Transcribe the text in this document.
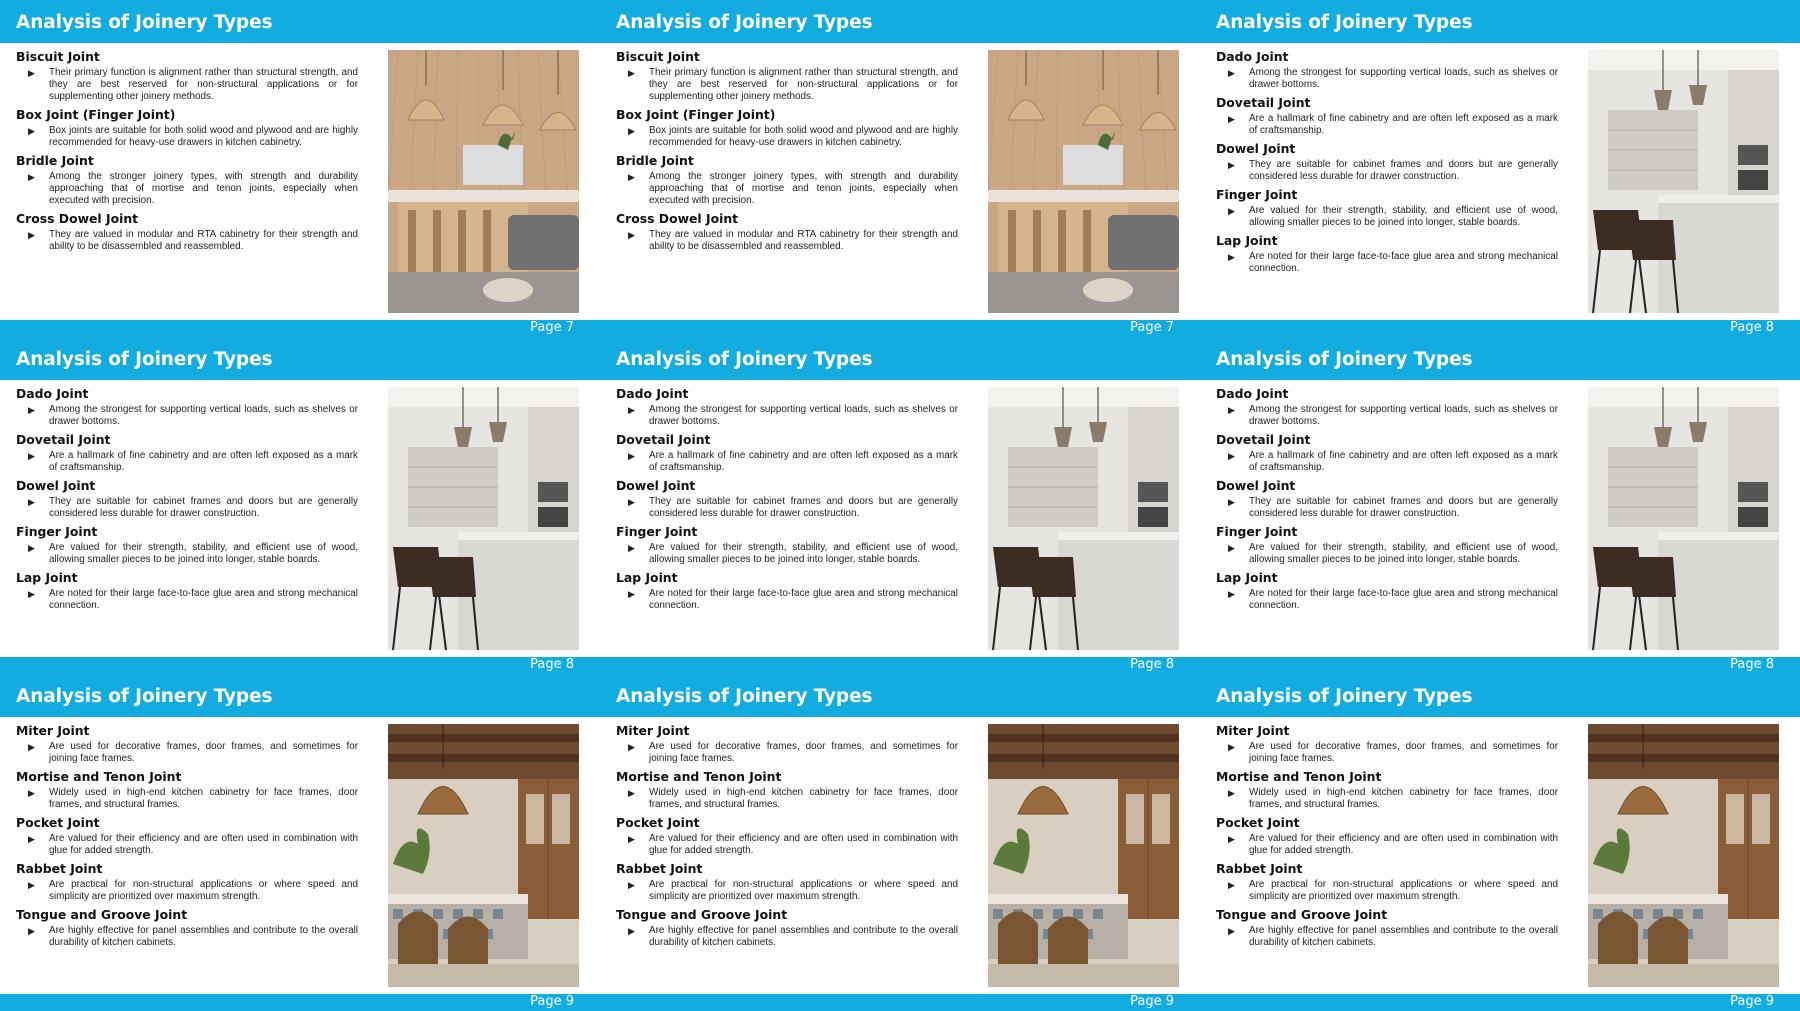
Analysis of Joinery Types
Biscuit Joint
▶ Their primary function is alignment rather than structural strength, and they are best reserved for non-structural applications or for supplementing other joinery methods.
Box Joint (Finger Joint)
▶ Box joints are suitable for both solid wood and plywood and are highly recommended for heavy-use drawers in kitchen cabinetry.
Bridle Joint
▶ Among the stronger joinery types, with strength and durability approaching that of mortise and tenon joints, especially when executed with precision.
Cross Dowel Joint
▶ They are valued in modular and RTA cabinetry for their strength and ability to be disassembled and reassembled.
Page 7
Analysis of Joinery Types
Biscuit Joint
▶ Their primary function is alignment rather than structural strength, and they are best reserved for non-structural applications or for supplementing other joinery methods.
Box Joint (Finger Joint)
▶ Box joints are suitable for both solid wood and plywood and are highly recommended for heavy-use drawers in kitchen cabinetry.
Bridle Joint
▶ Among the stronger joinery types, with strength and durability approaching that of mortise and tenon joints, especially when executed with precision.
Cross Dowel Joint
▶ They are valued in modular and RTA cabinetry for their strength and ability to be disassembled and reassembled.
Page 7
Analysis of Joinery Types
Dado Joint
▶ Among the strongest for supporting vertical loads, such as shelves or drawer bottoms.
Dovetail Joint
▶ Are a hallmark of fine cabinetry and are often left exposed as a mark of craftsmanship.
Dowel Joint
▶ They are suitable for cabinet frames and doors but are generally considered less durable for drawer construction.
Finger Joint
▶ Are valued for their strength, stability, and efficient use of wood, allowing smaller pieces to be joined into longer, stable boards.
Lap Joint
▶ Are noted for their large face-to-face glue area and strong mechanical connection.
Page 8
Analysis of Joinery Types
Dado Joint
▶ Among the strongest for supporting vertical loads, such as shelves or drawer bottoms.
Dovetail Joint
▶ Are a hallmark of fine cabinetry and are often left exposed as a mark of craftsmanship.
Dowel Joint
▶ They are suitable for cabinet frames and doors but are generally considered less durable for drawer construction.
Finger Joint
▶ Are valued for their strength, stability, and efficient use of wood, allowing smaller pieces to be joined into longer, stable boards.
Lap Joint
▶ Are noted for their large face-to-face glue area and strong mechanical connection.
Page 8
Analysis of Joinery Types
Dado Joint
▶ Among the strongest for supporting vertical loads, such as shelves or drawer bottoms.
Dovetail Joint
▶ Are a hallmark of fine cabinetry and are often left exposed as a mark of craftsmanship.
Dowel Joint
▶ They are suitable for cabinet frames and doors but are generally considered less durable for drawer construction.
Finger Joint
▶ Are valued for their strength, stability, and efficient use of wood, allowing smaller pieces to be joined into longer, stable boards.
Lap Joint
▶ Are noted for their large face-to-face glue area and strong mechanical connection.
Page 8
Analysis of Joinery Types
Dado Joint
▶ Among the strongest for supporting vertical loads, such as shelves or drawer bottoms.
Dovetail Joint
▶ Are a hallmark of fine cabinetry and are often left exposed as a mark of craftsmanship.
Dowel Joint
▶ They are suitable for cabinet frames and doors but are generally considered less durable for drawer construction.
Finger Joint
▶ Are valued for their strength, stability, and efficient use of wood, allowing smaller pieces to be joined into longer, stable boards.
Lap Joint
▶ Are noted for their large face-to-face glue area and strong mechanical connection.
Page 8
Analysis of Joinery Types
Miter Joint
▶ Are used for decorative frames, door frames, and sometimes for joining face frames.
Mortise and Tenon Joint
▶ Widely used in high-end kitchen cabinetry for face frames, door frames, and structural frames.
Pocket Joint
▶ Are valued for their efficiency and are often used in combination with glue for added strength.
Rabbet Joint
▶ Are practical for non-structural applications or where speed and simplicity are prioritized over maximum strength.
Tongue and Groove Joint
▶ Are highly effective for panel assemblies and contribute to the overall durability of kitchen cabinets.
Page 9
Analysis of Joinery Types
Miter Joint
▶ Are used for decorative frames, door frames, and sometimes for joining face frames.
Mortise and Tenon Joint
▶ Widely used in high-end kitchen cabinetry for face frames, door frames, and structural frames.
Pocket Joint
▶ Are valued for their efficiency and are often used in combination with glue for added strength.
Rabbet Joint
▶ Are practical for non-structural applications or where speed and simplicity are prioritized over maximum strength.
Tongue and Groove Joint
▶ Are highly effective for panel assemblies and contribute to the overall durability of kitchen cabinets.
Page 9
Analysis of Joinery Types
Miter Joint
▶ Are used for decorative frames, door frames, and sometimes for joining face frames.
Mortise and Tenon Joint
▶ Widely used in high-end kitchen cabinetry for face frames, door frames, and structural frames.
Pocket Joint
▶ Are valued for their efficiency and are often used in combination with glue for added strength.
Rabbet Joint
▶ Are practical for non-structural applications or where speed and simplicity are prioritized over maximum strength.
Tongue and Groove Joint
▶ Are highly effective for panel assemblies and contribute to the overall durability of kitchen cabinets.
Page 9
